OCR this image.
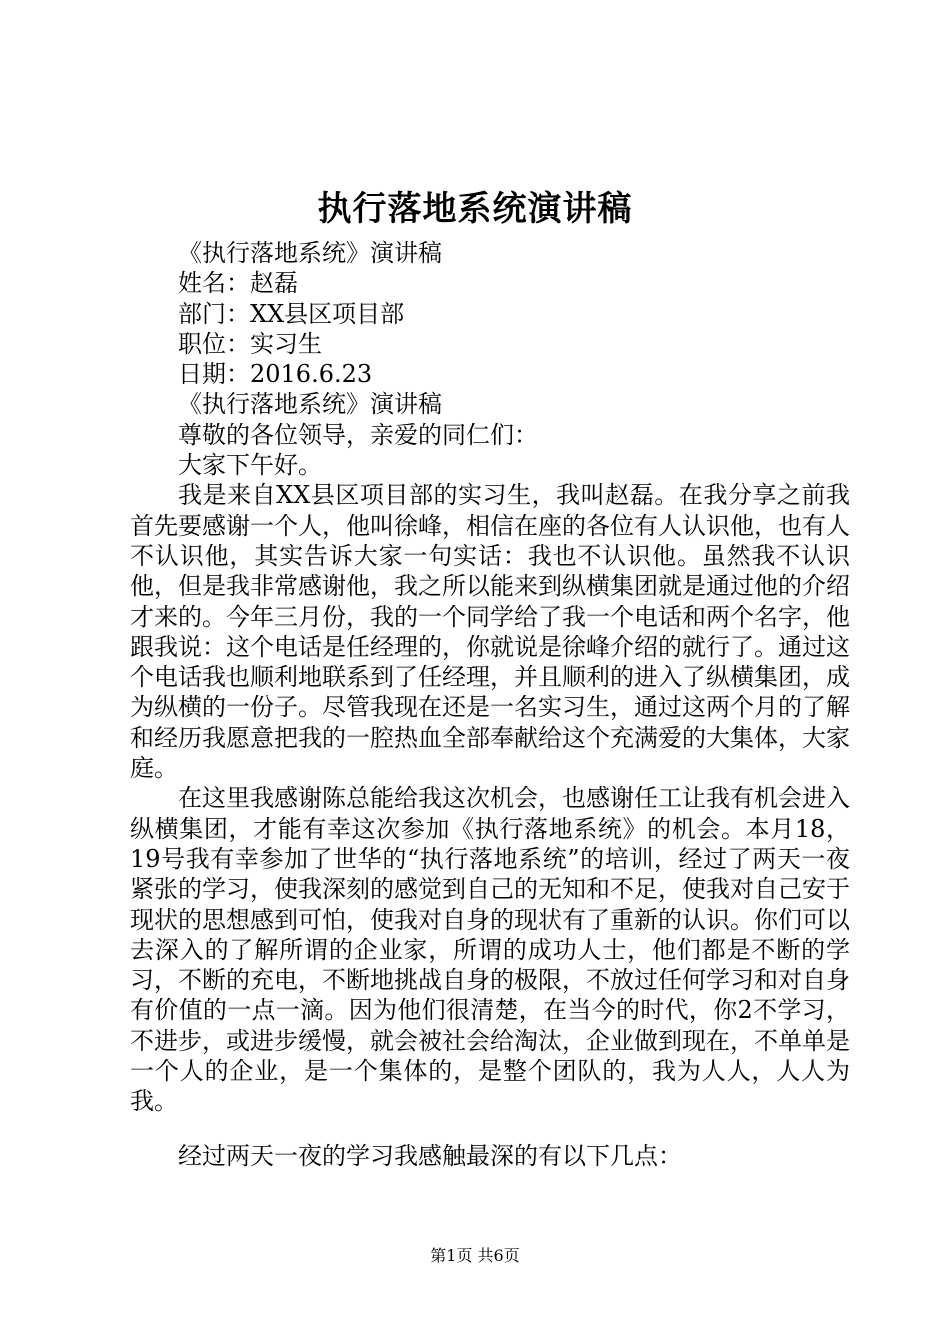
执行落地系统演讲稿
《执行落地系统》演讲稿
姓名：赵磊
部门：XX县区项目部
职位：实习生
日期：2016.6.23
《执行落地系统》演讲稿
尊敬的各位领导，亲爱的同仁们：
大家下午好。

我是来自XX县区项目部的实习生，我叫赵磊。在我分享之前我首先要感谢一个人，他叫徐峰，相信在座的各位有人认识他，也有人不认识他，其实告诉大家一句实话：我也不认识他。虽然我不认识他，但是我非常感谢他，我之所以能来到纵横集团就是通过他的介绍才来的。今年三月份，我的一个同学给了我一个电话和两个名字，他跟我说：这个电话是任经理的，你就说是徐峰介绍的就行了。通过这个电话我也顺利地联系到了任经理，并且顺利的进入了纵横集团，成为纵横的一份子。尽管我现在还是一名实习生，通过这两个月的了解和经历我愿意把我的一腔热血全部奉献给这个充满爱的大集体，大家庭。

在这里我感谢陈总能给我这次机会，也感谢任工让我有机会进入纵横集团，才能有幸这次参加《执行落地系统》的机会。本月18，19号我有幸参加了世华的“执行落地系统”的培训，经过了两天一夜紧张的学习，使我深刻的感觉到自己的无知和不足，使我对自己安于现状的思想感到可怕，使我对自身的现状有了重新的认识。你们可以去深入的了解所谓的企业家，所谓的成功人士，他们都是不断的学习，不断的充电，不断地挑战自身的极限，不放过任何学习和对自身有价值的一点一滴。因为他们很清楚，在当今的时代，你2不学习，不进步，或进步缓慢，就会被社会给淘汰，企业做到现在，不单单是一个人的企业，是一个集体的，是整个团队的，我为人人，人人为我。

经过两天一夜的学习我感触最深的有以下几点：

第1页 共6页
